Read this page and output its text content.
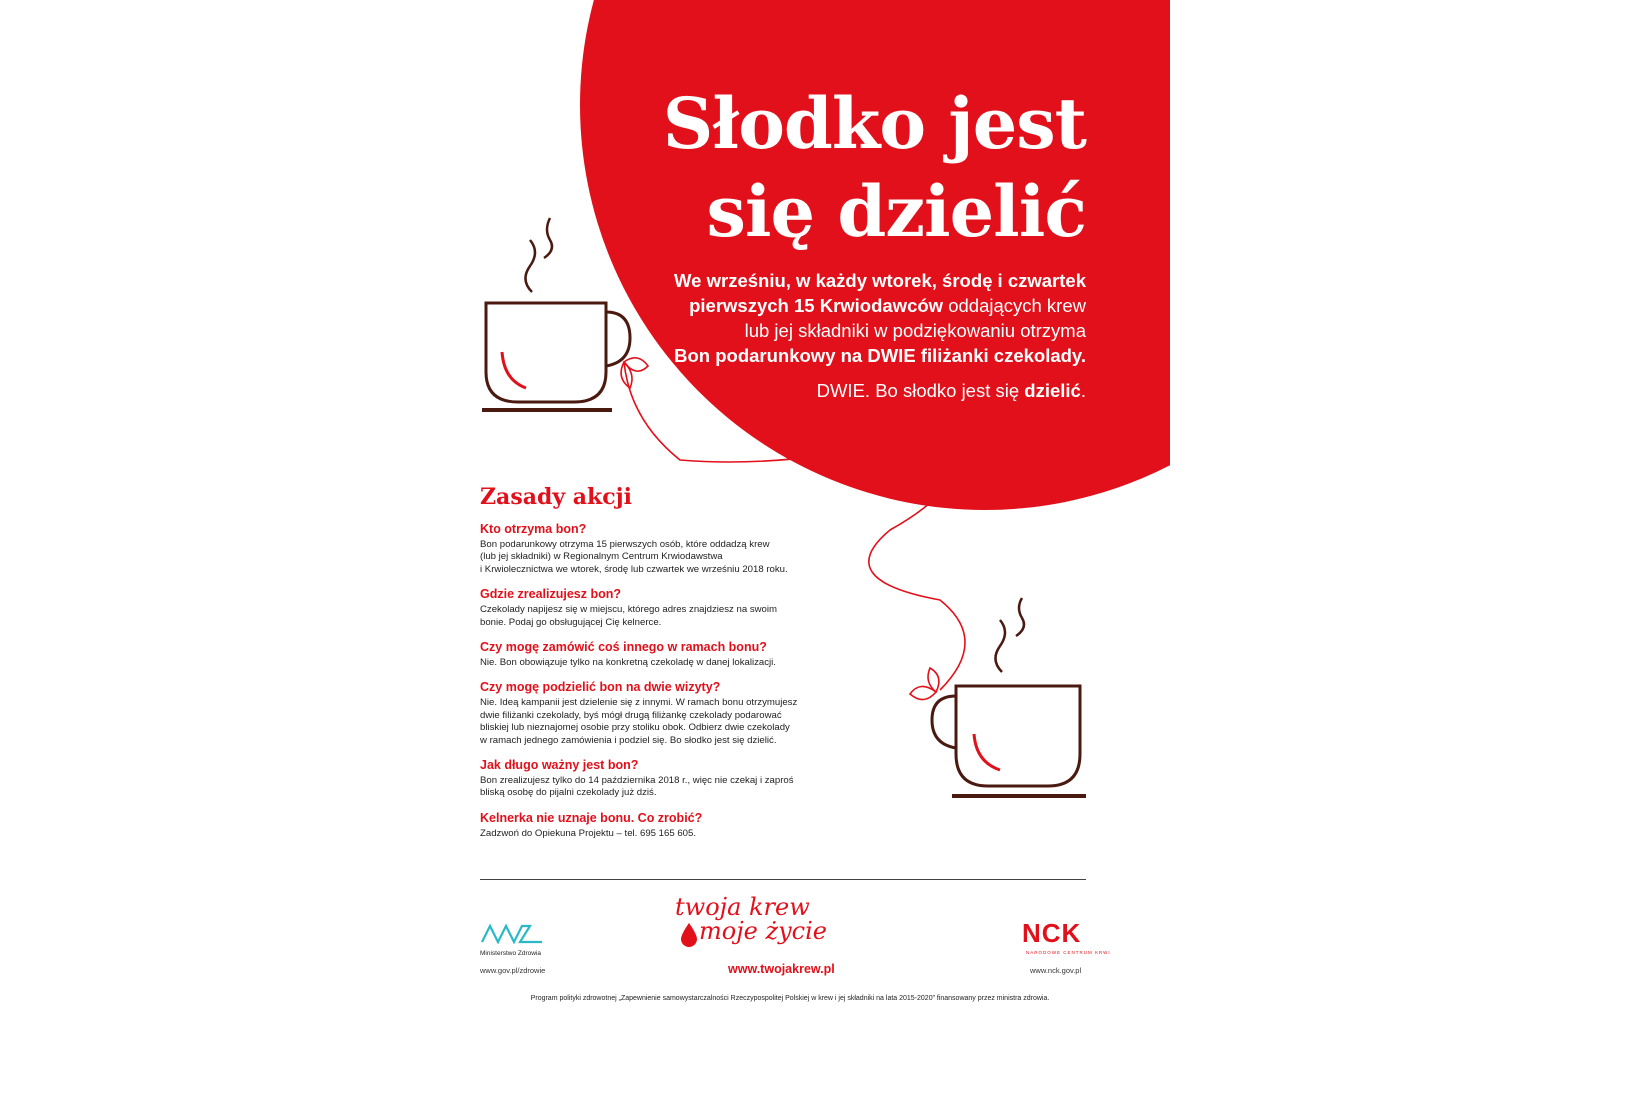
Słodko jest
się dzielić
We wrześniu, w każdy wtorek, środę i czwartek
pierwszych 15 Krwiodawców oddających krew
lub jej składniki w podziękowaniu otrzyma
Bon podarunkowy na DWIE filiżanki czekolady.
DWIE. Bo słodko jest się dzielić.
Zasady akcji
Kto otrzyma bon?
Bon podarunkowy otrzyma 15 pierwszych osób, które oddadzą krew
(lub jej składniki) w Regionalnym Centrum Krwiodawstwa
i Krwiolecznictwa we wtorek, środę lub czwartek we wrześniu 2018 roku.
Gdzie zrealizujesz bon?
Czekolady napijesz się w miejscu, którego adres znajdziesz na swoim
bonie. Podaj go obsługującej Cię kelnerce.
Czy mogę zamówić coś innego w ramach bonu?
Nie. Bon obowiązuje tylko na konkretną czekoladę w danej lokalizacji.
Czy mogę podzielić bon na dwie wizyty?
Nie. Ideą kampanii jest dzielenie się z innymi. W ramach bonu otrzymujesz
dwie filiżanki czekolady, byś mógł drugą filiżankę czekolady podarować
bliskiej lub nieznajomej osobie przy stoliku obok. Odbierz dwie czekolady
w ramach jednego zamówienia i podziel się. Bo słodko jest się dzielić.
Jak długo ważny jest bon?
Bon zrealizujesz tylko do 14 października 2018 r., więc nie czekaj i zaproś
bliską osobę do pijalni czekolady już dziś.
Kelnerka nie uznaje bonu. Co zrobić?
Zadzwoń do Opiekuna Projektu – tel. 695 165 605.
Ministerstwo Zdrowia
www.gov.pl/zdrowie
twoja krew
moje życie
www.twojakrew.pl
NCK
NARODOWE CENTRUM KRWI
www.nck.gov.pl
Program polityki zdrowotnej „Zapewnienie samowystarczalności Rzeczypospolitej Polskiej w krew i jej składniki na lata 2015-2020” finansowany przez ministra zdrowia.
